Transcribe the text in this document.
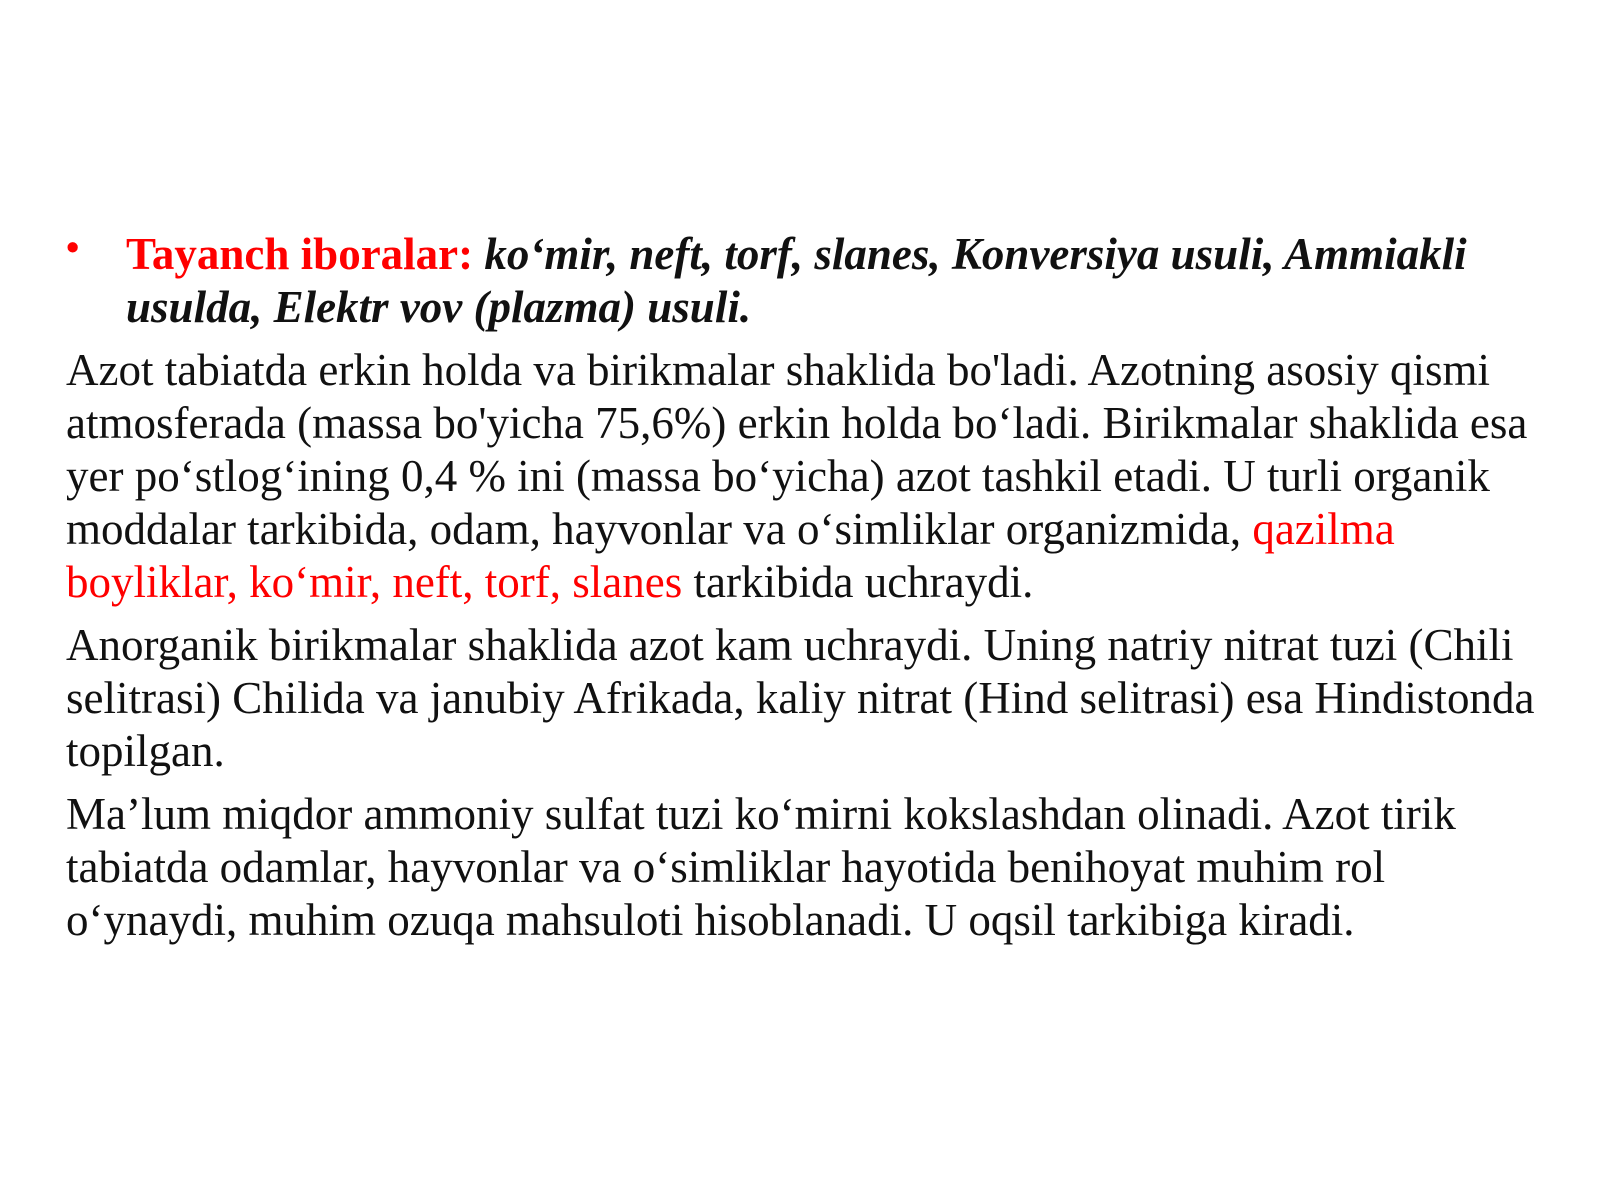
• Tayanch iboralar: ko‘mir, neft, torf, slanes, Konversiya usuli, Ammiakli usulda, Elektr vov (plazma) usuli.

Azot tabiatda erkin holda va birikmalar shaklida bo'ladi. Azotning asosiy qismi atmosferada (massa bo'yicha 75,6%) erkin holda bo‘ladi. Birikmalar shaklida esa yer po‘stlog‘ining 0,4 % ini (massa bo‘yicha) azot tashkil etadi. U turli organik moddalar tarkibida, odam, hayvonlar va o‘simliklar organizmida, qazilma boyliklar, ko‘mir, neft, torf, slanes tarkibida uchraydi.

Anorganik birikmalar shaklida azot kam uchraydi. Uning natriy nitrat tuzi (Chili selitrasi) Chilida va janubiy Afrikada, kaliy nitrat (Hind selitrasi) esa Hindistonda topilgan.

Ma’lum miqdor ammoniy sulfat tuzi ko‘mirni kokslashdan olinadi. Azot tirik tabiatda odamlar, hayvonlar va o‘simliklar hayotida benihoyat muhim rol o‘ynaydi, muhim ozuqa mahsuloti hisoblanadi. U oqsil tarkibiga kiradi.
